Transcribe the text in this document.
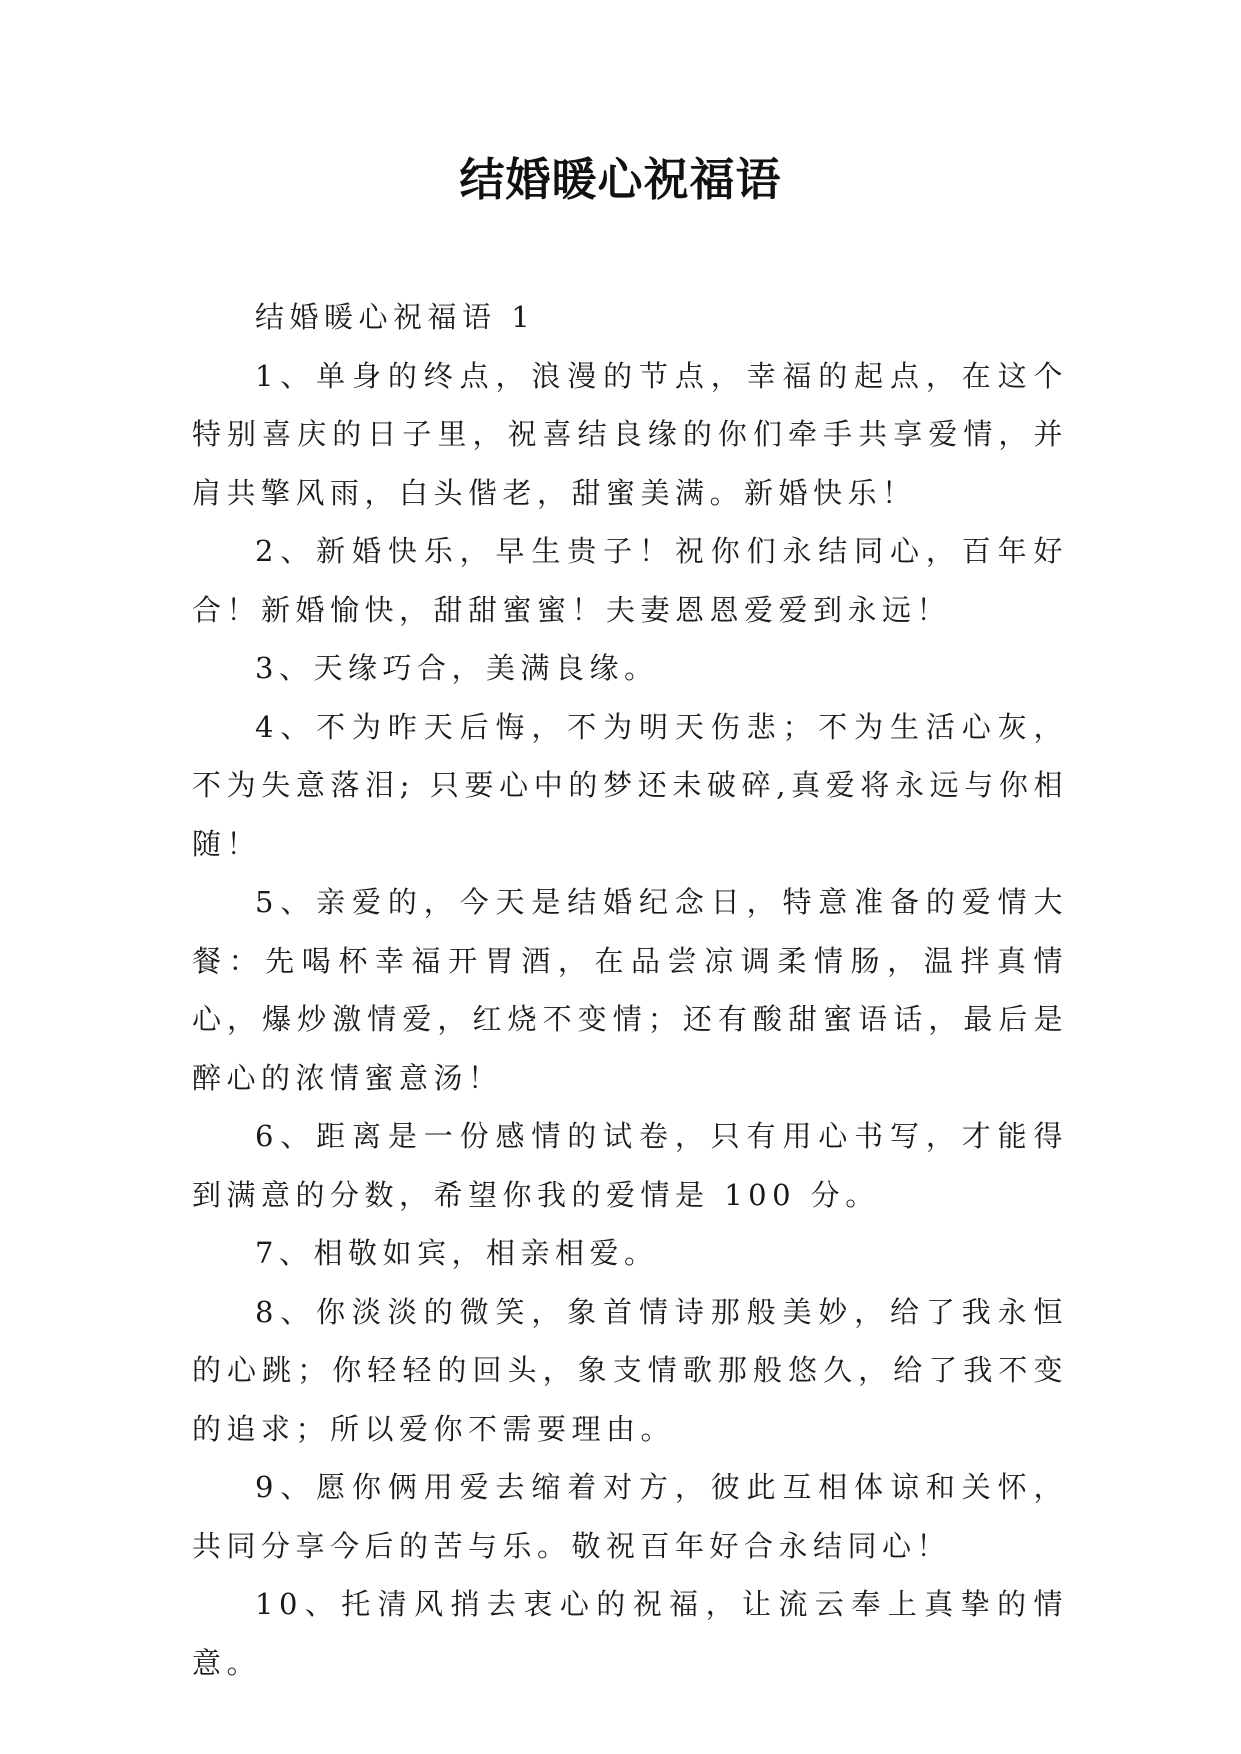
结婚暖心祝福语

结婚暖心祝福语 1

1、单身的终点，浪漫的节点，幸福的起点，在这个特别喜庆的日子里，祝喜结良缘的你们牵手共享爱情，并肩共擎风雨，白头偕老，甜蜜美满。新婚快乐！

2、新婚快乐，早生贵子！祝你们永结同心，百年好合！新婚愉快，甜甜蜜蜜！夫妻恩恩爱爱到永远！

3、天缘巧合，美满良缘。

4、不为昨天后悔，不为明天伤悲；不为生活心灰，不为失意落泪; 只要心中的梦还未破碎,真爱将永远与你相随！

5、亲爱的，今天是结婚纪念日，特意准备的爱情大餐：先喝杯幸福开胃酒，在品尝凉调柔情肠，温拌真情心，爆炒激情爱，红烧不变情；还有酸甜蜜语话，最后是醉心的浓情蜜意汤！

6、距离是一份感情的试卷，只有用心书写，才能得到满意的分数，希望你我的爱情是 100 分。

7、相敬如宾，相亲相爱。

8、你淡淡的微笑，象首情诗那般美妙，给了我永恒的心跳；你轻轻的回头，象支情歌那般悠久，给了我不变的追求；所以爱你不需要理由。

9、愿你俩用爱去缩着对方，彼此互相体谅和关怀，共同分享今后的苦与乐。敬祝百年好合永结同心！

10、托清风捎去衷心的祝福，让流云奉上真挚的情意。
